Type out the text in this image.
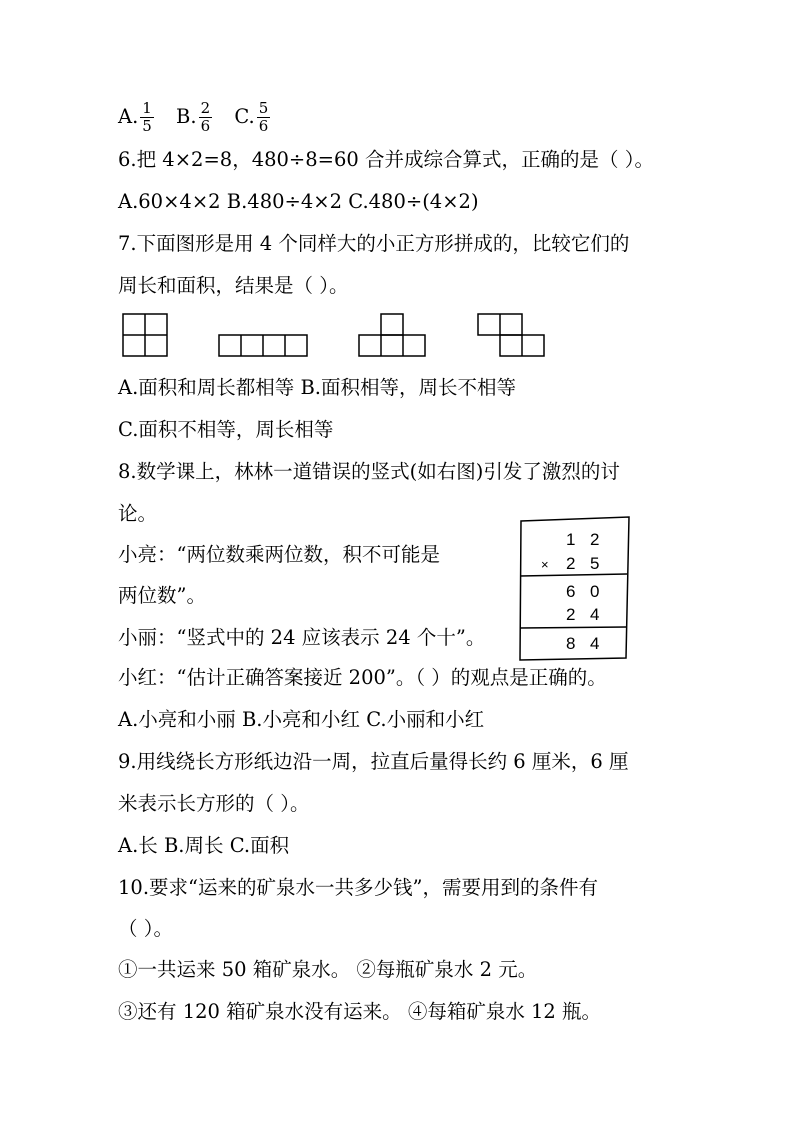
A. $\frac{1}{5} B$. $\frac{2}{6} C$. $\frac{5}{6}$
6.把 4×2=8，480÷8=60 合并成综合算式，正确的是（ ）。
A.60×4×2 B.480÷4×2 C.480÷(4×2)
7.下面图形是用 4 个同样大的小正方形拼成的，比较它们的
周长和面积，结果是（ ）。
A.面积和周长都相等 B.面积相等，周长不相等
C.面积不相等，周长相等
8.数学课上，林林一道错误的竖式(如右图)引发了激烈的讨
论。
小亮：“两位数乘两位数，积不可能是
两位数”。
小丽：“竖式中的 24 应该表示 24 个十”。
小红：“估计正确答案接近 200”。（ ）的观点是正确的。
A.小亮和小丽 B.小亮和小红 C.小丽和小红
1 2
× 2 5
6 0
2 4
8 4
9.用线绕长方形纸边沿一周，拉直后量得长约 6 厘米，6 厘
米表示长方形的（ ）。
A.长 B.周长 C.面积
10.要求“运来的矿泉水一共多少钱”，需要用到的条件有
（ ）。
①一共运来 50 箱矿泉水。 ②每瓶矿泉水 2 元。
③还有 120 箱矿泉水没有运来。 ④每箱矿泉水 12 瓶。
